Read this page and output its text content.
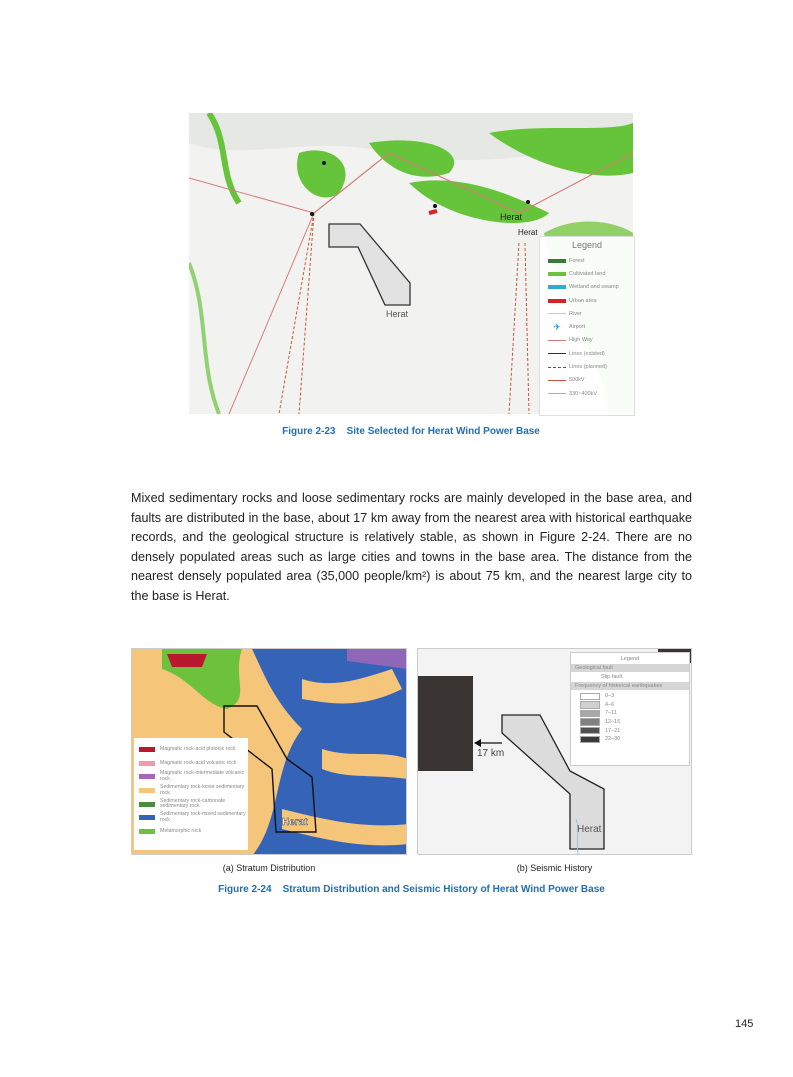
Herat
Herat
Herat
Legend
Forest
Cultivated land
Wetland and swamp
Urban area
River
✈	Airport
High Way
Lines (existed)
Lines (planned)
500kV
330~400kV
Figure 2-23    Site Selected for Herat Wind Power Base

Mixed sedimentary rocks and loose sedimentary rocks are mainly developed in the base area, and faults are distributed in the base, about 17 km away from the nearest area with historical earthquake records, and the geological structure is relatively stable, as shown in Figure 2-24. There are no densely populated areas such as large cities and towns in the base area. The distance from the nearest densely populated area (35,000 people/km²) is about 75 km, and the nearest large city to the base is Herat.

Herat
Magmatic rock-acid plutonic rock
Magmatic rock-acid volcanic rock
Magmatic rock-intermediate volcanic rock
Sedimentary rock-loose sedimentary rock
Sedimentary rock-carbonate sedimentary rock
Sedimentary rock-mixed sedimentary rock
Metamorphic rock
17 km
Herat
Legend
Geological fault
Slip fault
Frequency of historical earthquakes
0–3
4–6
7–11
12–16
17–21
22–30
(a) Stratum Distribution	(b) Seismic History
Figure 2-24    Stratum Distribution and Seismic History of Herat Wind Power Base
145
